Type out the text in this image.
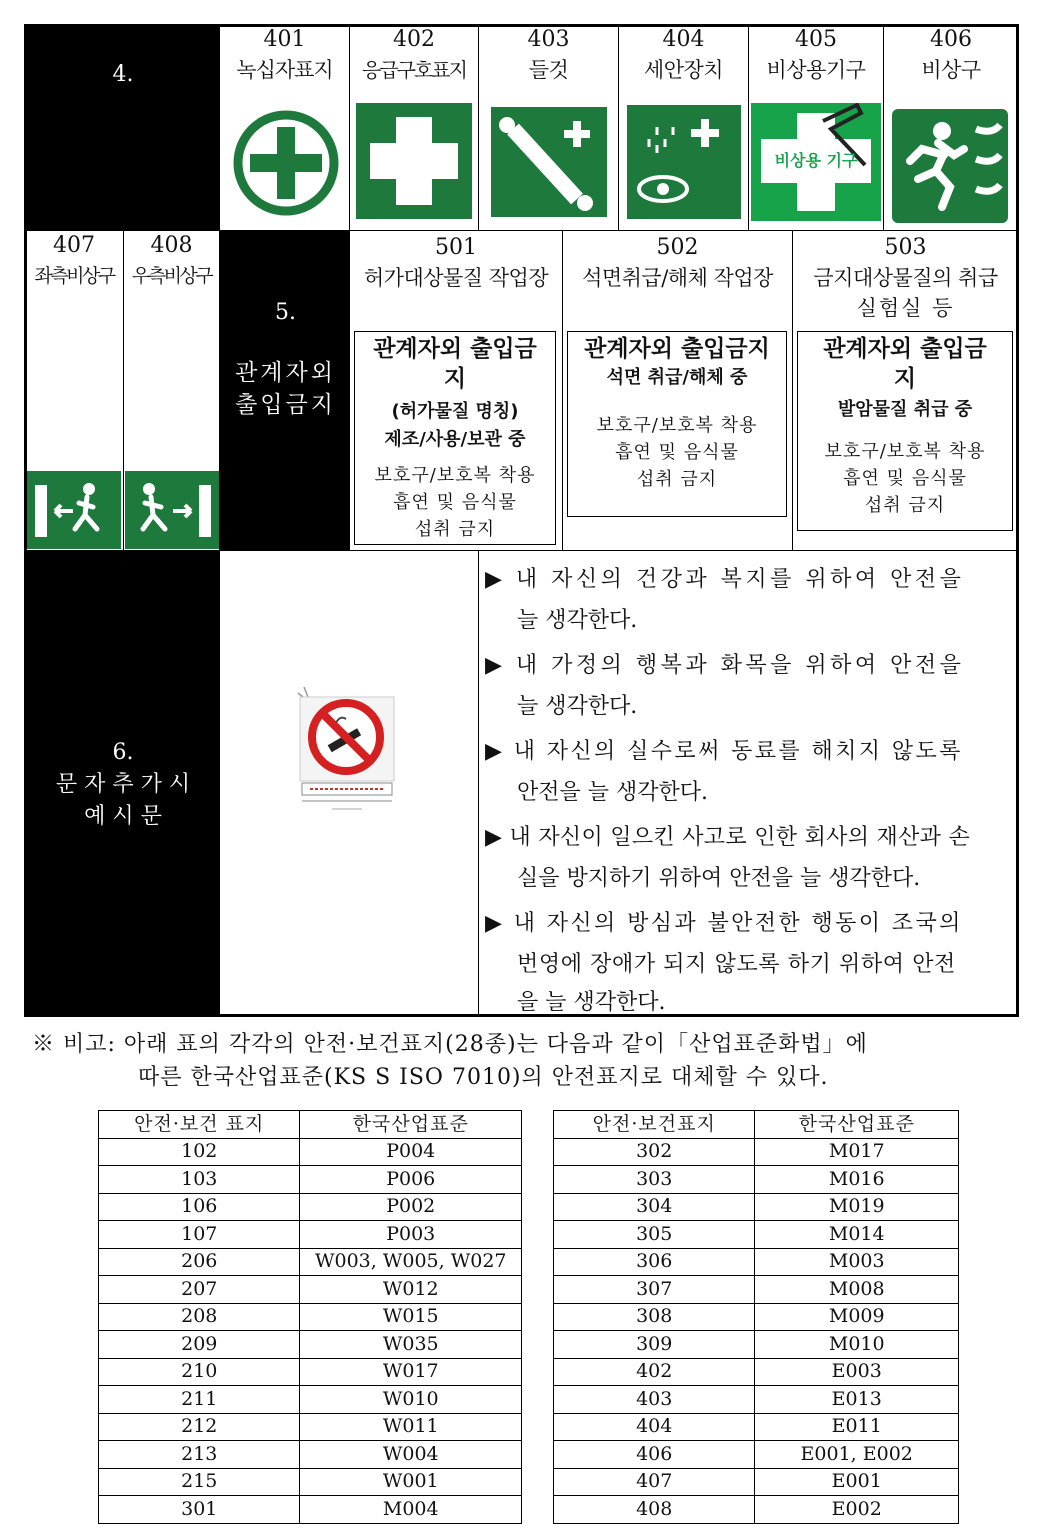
4.
401
녹십자표지
402
응급구호표지
403
들것
404
세안장치
405
비상용기구
비상용 기구
406
비상구
407
좌측비상구
408
우측비상구
5.
관계자외
출입금지
501
허가대상물질 작업장
관계자외 출입금
지
(허가물질 명칭)
제조/사용/보관 중
보호구/보호복 착용
흡연 및 음식물
섭취 금지
502
석면취급/해체 작업장
관계자외 출입금지
석면 취급/해체 중
보호구/보호복 착용
흡연 및 음식물
섭취 금지
503
금지대상물질의 취급
실험실 등
관계자외 출입금
지
발암물질 취급 중
보호구/보호복 착용
흡연 및 음식물
섭취 금지
6.
문 자 추 가 시
예 시 문
▶ 내 자신의 건강과 복지를 위하여 안전을
늘 생각한다.
▶ 내 가정의 행복과 화목을 위하여 안전을
늘 생각한다.
▶ 내 자신의 실수로써 동료를 해치지 않도록
안전을 늘 생각한다.
▶ 내 자신이 일으킨 사고로 인한 회사의 재산과 손
실을 방지하기 위하여 안전을 늘 생각한다.
▶ 내 자신의 방심과 불안전한 행동이 조국의
번영에 장애가 되지 않도록 하기 위하여 안전
을 늘 생각한다.
※ 비고: 아래 표의 각각의 안전·보건표지(28종)는 다음과 같이「산업표준화법」에
따른 한국산업표준(KS S ISO 7010)의 안전표지로 대체할 수 있다.
안전·보건 표지	한국산업표준
102	P004
103	P006
106	P002
107	P003
206	W003, W005, W027
207	W012
208	W015
209	W035
210	W017
211	W010
212	W011
213	W004
215	W001
301	M004
안전·보건표지	한국산업표준
302	M017
303	M016
304	M019
305	M014
306	M003
307	M008
308	M009
309	M010
402	E003
403	E013
404	E011
406	E001, E002
407	E001
408	E002
